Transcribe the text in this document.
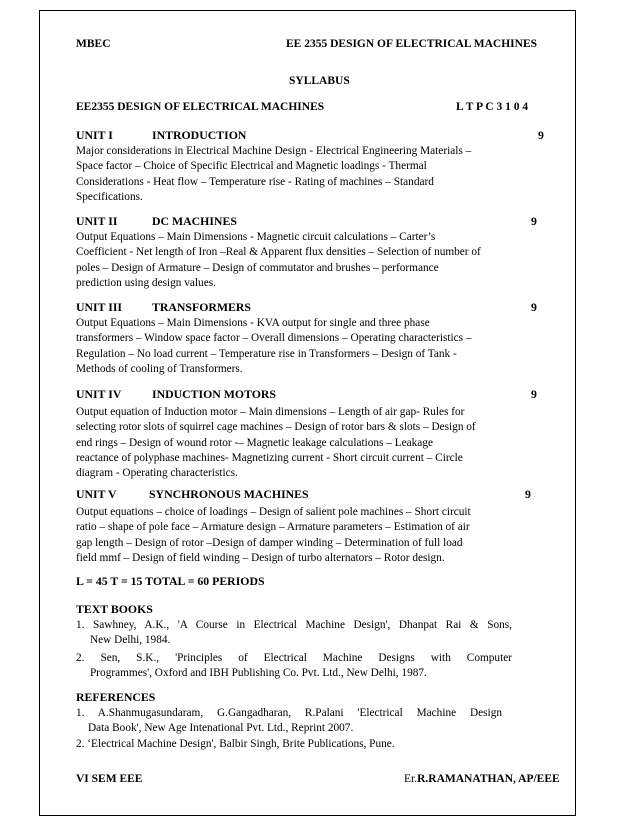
MBEC	EE 2355 DESIGN OF ELECTRICAL MACHINES
SYLLABUS
EE2355 DESIGN OF ELECTRICAL MACHINES	L T P C 3 1 0 4
UNIT I	INTRODUCTION	9

Major considerations in Electrical Machine Design - Electrical Engineering Materials –

Space factor – Choice of Specific Electrical and Magnetic loadings - Thermal

Considerations - Heat flow – Temperature rise - Rating of machines – Standard

Specifications.

UNIT II	DC MACHINES	9

Output Equations – Main Dimensions - Magnetic circuit calculations – Carter’s

Coefficient - Net length of Iron –Real & Apparent flux densities – Selection of number of

poles – Design of Armature – Design of commutator and brushes – performance

prediction using design values.

UNIT III	TRANSFORMERS	9

Output Equations – Main Dimensions - KVA output for single and three phase

transformers – Window space factor – Overall dimensions – Operating characteristics –

Regulation – No load current – Temperature rise in Transformers – Design of Tank -

Methods of cooling of Transformers.

UNIT IV	INDUCTION MOTORS	9

Output equation of Induction motor – Main dimensions – Length of air gap- Rules for

selecting rotor slots of squirrel cage machines – Design of rotor bars & slots – Design of

end rings – Design of wound rotor -– Magnetic leakage calculations – Leakage

reactance of polyphase machines- Magnetizing current - Short circuit current – Circle

diagram - Operating characteristics.

UNIT V	SYNCHRONOUS MACHINES	9

Output equations – choice of loadings – Design of salient pole machines – Short circuit

ratio – shape of pole face – Armature design – Armature parameters – Estimation of air

gap length – Design of rotor –Design of damper winding – Determination of full load

field mmf – Design of field winding – Design of turbo alternators – Rotor design.

L = 45 T = 15 TOTAL = 60 PERIODS
TEXT BOOKS

1. Sawhney, A.K., 'A Course in Electrical Machine Design', Dhanpat Rai & Sons,

New Delhi, 1984.

2. Sen, S.K., 'Principles of Electrical Machine Designs with Computer

Programmes', Oxford and IBH Publishing Co. Pvt. Ltd., New Delhi, 1987.

REFERENCES

1. A.Shanmugasundaram, G.Gangadharan, R.Palani 'Electrical Machine Design

Data Book', New Age Intenational Pvt. Ltd., Reprint 2007.

2. ‘Electrical Machine Design', Balbir Singh, Brite Publications, Pune.

VI SEM EEE	Er.R.RAMANATHAN, AP/EEE
